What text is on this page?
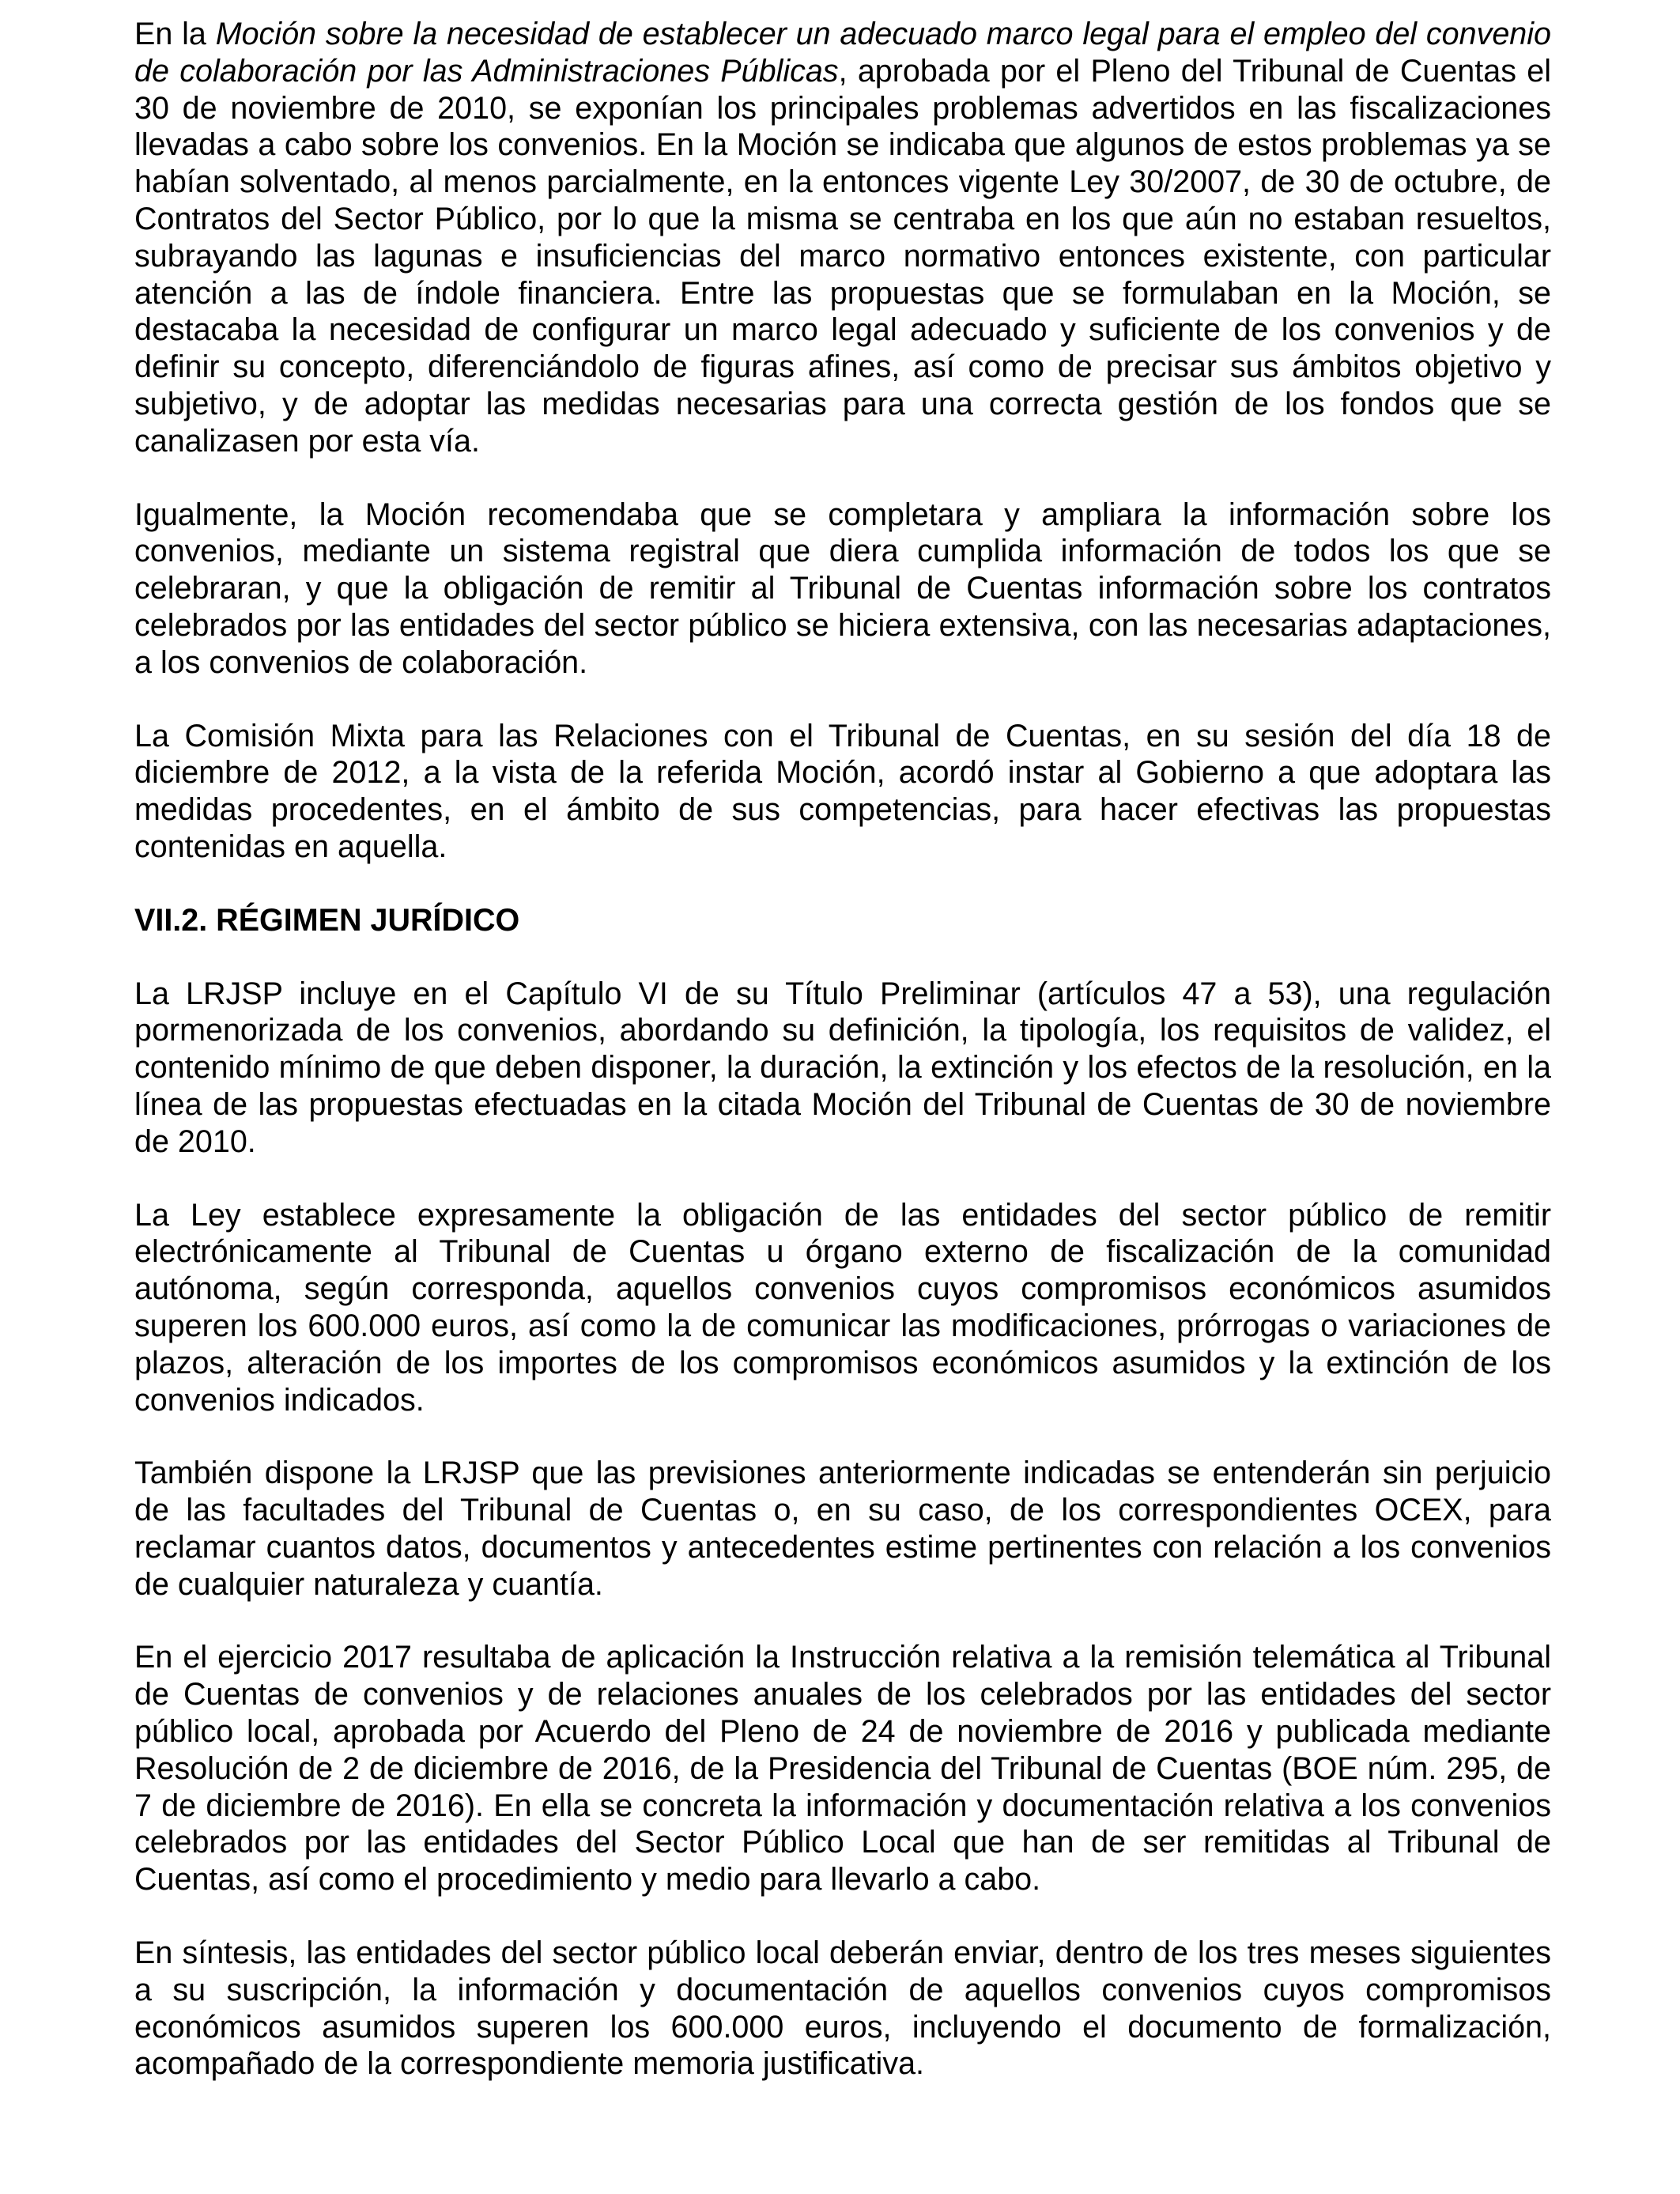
En la Moción sobre la necesidad de establecer un adecuado marco legal para el empleo del convenio de colaboración por las Administraciones Públicas, aprobada por el Pleno del Tribunal de Cuentas el 30 de noviembre de 2010, se exponían los principales problemas advertidos en las fiscalizaciones llevadas a cabo sobre los convenios. En la Moción se indicaba que algunos de estos problemas ya se habían solventado, al menos parcialmente, en la entonces vigente Ley 30/2007, de 30 de octubre, de Contratos del Sector Público, por lo que la misma se centraba en los que aún no estaban resueltos, subrayando las lagunas e insuficiencias del marco normativo entonces existente, con particular atención a las de índole financiera. Entre las propuestas que se formulaban en la Moción, se destacaba la necesidad de configurar un marco legal adecuado y suficiente de los convenios y de definir su concepto, diferenciándolo de figuras afines, así como de precisar sus ámbitos objetivo y subjetivo, y de adoptar las medidas necesarias para una correcta gestión de los fondos que se canalizasen por esta vía.

Igualmente, la Moción recomendaba que se completara y ampliara la información sobre los convenios, mediante un sistema registral que diera cumplida información de todos los que se celebraran, y que la obligación de remitir al Tribunal de Cuentas información sobre los contratos celebrados por las entidades del sector público se hiciera extensiva, con las necesarias adaptaciones, a los convenios de colaboración.

La Comisión Mixta para las Relaciones con el Tribunal de Cuentas, en su sesión del día 18 de diciembre de 2012, a la vista de la referida Moción, acordó instar al Gobierno a que adoptara las medidas procedentes, en el ámbito de sus competencias, para hacer efectivas las propuestas contenidas en aquella.

VII.2. RÉGIMEN JURÍDICO

La LRJSP incluye en el Capítulo VI de su Título Preliminar (artículos 47 a 53), una regulación pormenorizada de los convenios, abordando su definición, la tipología, los requisitos de validez, el contenido mínimo de que deben disponer, la duración, la extinción y los efectos de la resolución, en la línea de las propuestas efectuadas en la citada Moción del Tribunal de Cuentas de 30 de noviembre de 2010.

La Ley establece expresamente la obligación de las entidades del sector público de remitir electrónicamente al Tribunal de Cuentas u órgano externo de fiscalización de la comunidad autónoma, según corresponda, aquellos convenios cuyos compromisos económicos asumidos superen los 600.000 euros, así como la de comunicar las modificaciones, prórrogas o variaciones de plazos, alteración de los importes de los compromisos económicos asumidos y la extinción de los convenios indicados.

También dispone la LRJSP que las previsiones anteriormente indicadas se entenderán sin perjuicio de las facultades del Tribunal de Cuentas o, en su caso, de los correspondientes OCEX, para reclamar cuantos datos, documentos y antecedentes estime pertinentes con relación a los convenios de cualquier naturaleza y cuantía.

En el ejercicio 2017 resultaba de aplicación la Instrucción relativa a la remisión telemática al Tribunal de Cuentas de convenios y de relaciones anuales de los celebrados por las entidades del sector público local, aprobada por Acuerdo del Pleno de 24 de noviembre de 2016 y publicada mediante Resolución de 2 de diciembre de 2016, de la Presidencia del Tribunal de Cuentas (BOE núm. 295, de 7 de diciembre de 2016). En ella se concreta la información y documentación relativa a los convenios celebrados por las entidades del Sector Público Local que han de ser remitidas al Tribunal de Cuentas, así como el procedimiento y medio para llevarlo a cabo.

En síntesis, las entidades del sector público local deberán enviar, dentro de los tres meses siguientes a su suscripción, la información y documentación de aquellos convenios cuyos compromisos económicos asumidos superen los 600.000 euros, incluyendo el documento de formalización, acompañado de la correspondiente memoria justificativa.
